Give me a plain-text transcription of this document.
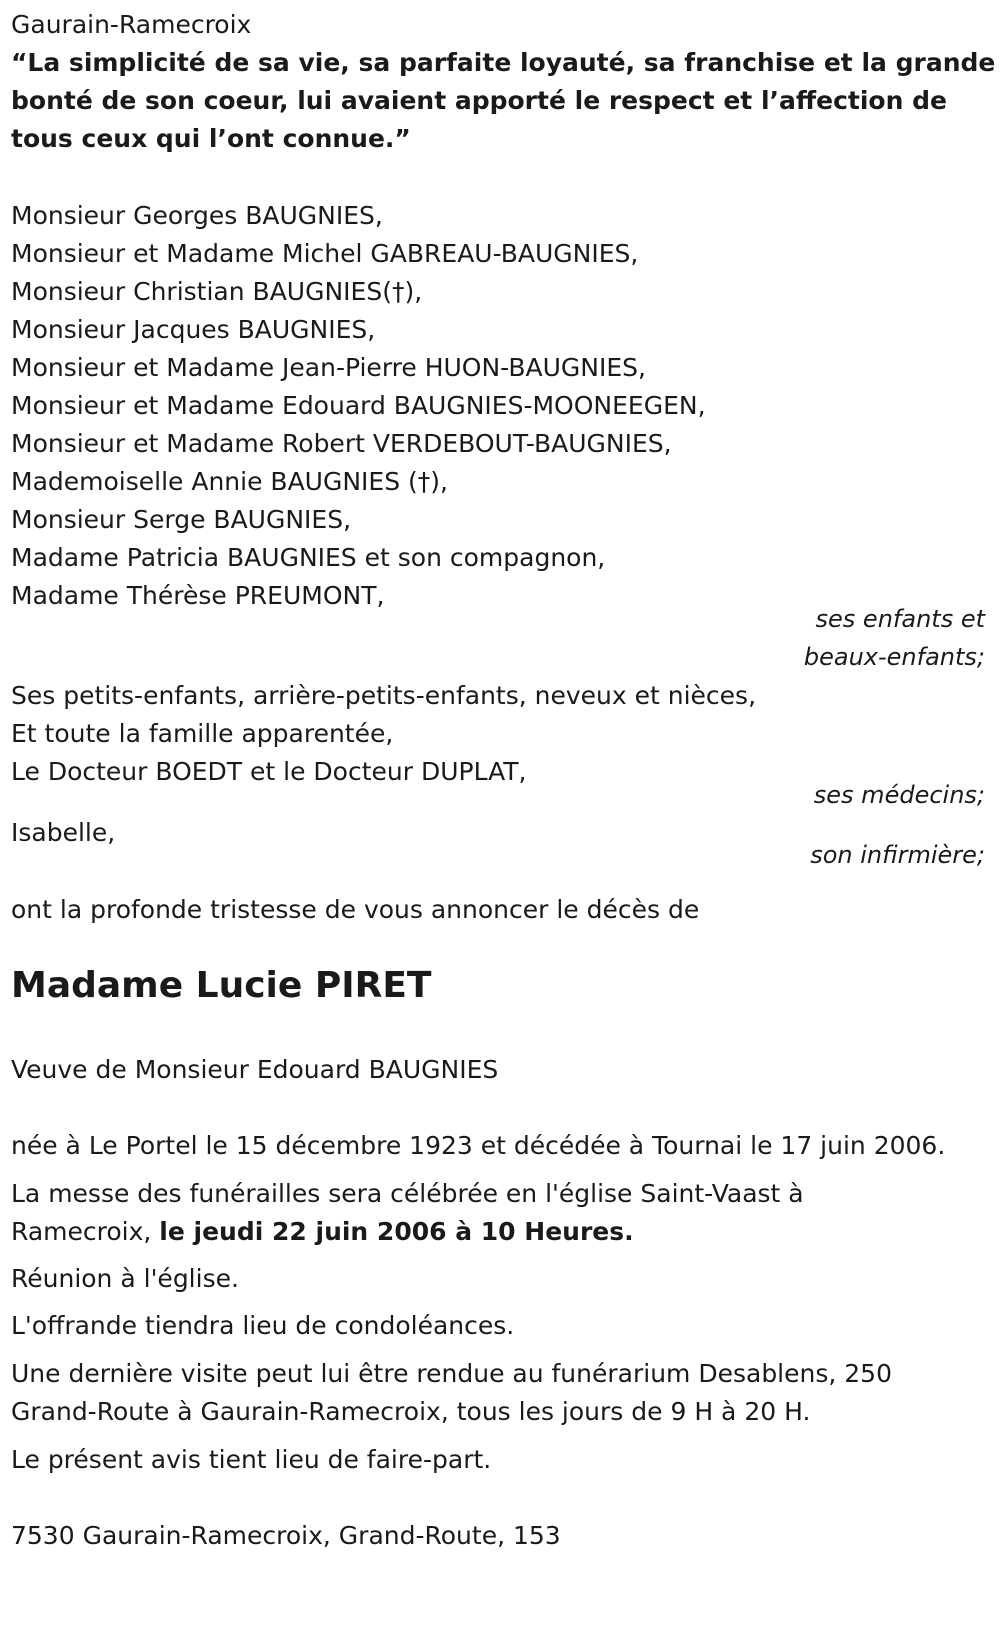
Gaurain-Ramecroix
“La simplicité de sa vie, sa parfaite loyauté, sa franchise et la grande
bonté de son coeur, lui avaient apporté le respect et l’affection de
tous ceux qui l’ont connue.”
Monsieur Georges BAUGNIES,
Monsieur et Madame Michel GABREAU-BAUGNIES,
Monsieur Christian BAUGNIES(†),
Monsieur Jacques BAUGNIES,
Monsieur et Madame Jean-Pierre HUON-BAUGNIES,
Monsieur et Madame Edouard BAUGNIES-MOONEEGEN,
Monsieur et Madame Robert VERDEBOUT-BAUGNIES,
Mademoiselle Annie BAUGNIES (†),
Monsieur Serge BAUGNIES,
Madame Patricia BAUGNIES et son compagnon,
Madame Thérèse PREUMONT,
ses enfants et
beaux-enfants;
Ses petits-enfants, arrière-petits-enfants, neveux et nièces,
Et toute la famille apparentée,
Le Docteur BOEDT et le Docteur DUPLAT,
ses médecins;
Isabelle,
son infirmière;
ont la profonde tristesse de vous annoncer le décès de
Madame Lucie PIRET
Veuve de Monsieur Edouard BAUGNIES
née à Le Portel le 15 décembre 1923 et décédée à Tournai le 17 juin 2006.
La messe des funérailles sera célébrée en l'église Saint-Vaast à
Ramecroix, le jeudi 22 juin 2006 à 10 Heures.
Réunion à l'église.
L'offrande tiendra lieu de condoléances.
Une dernière visite peut lui être rendue au funérarium Desablens, 250
Grand-Route à Gaurain-Ramecroix, tous les jours de 9 H à 20 H.
Le présent avis tient lieu de faire-part.
7530 Gaurain-Ramecroix, Grand-Route, 153
